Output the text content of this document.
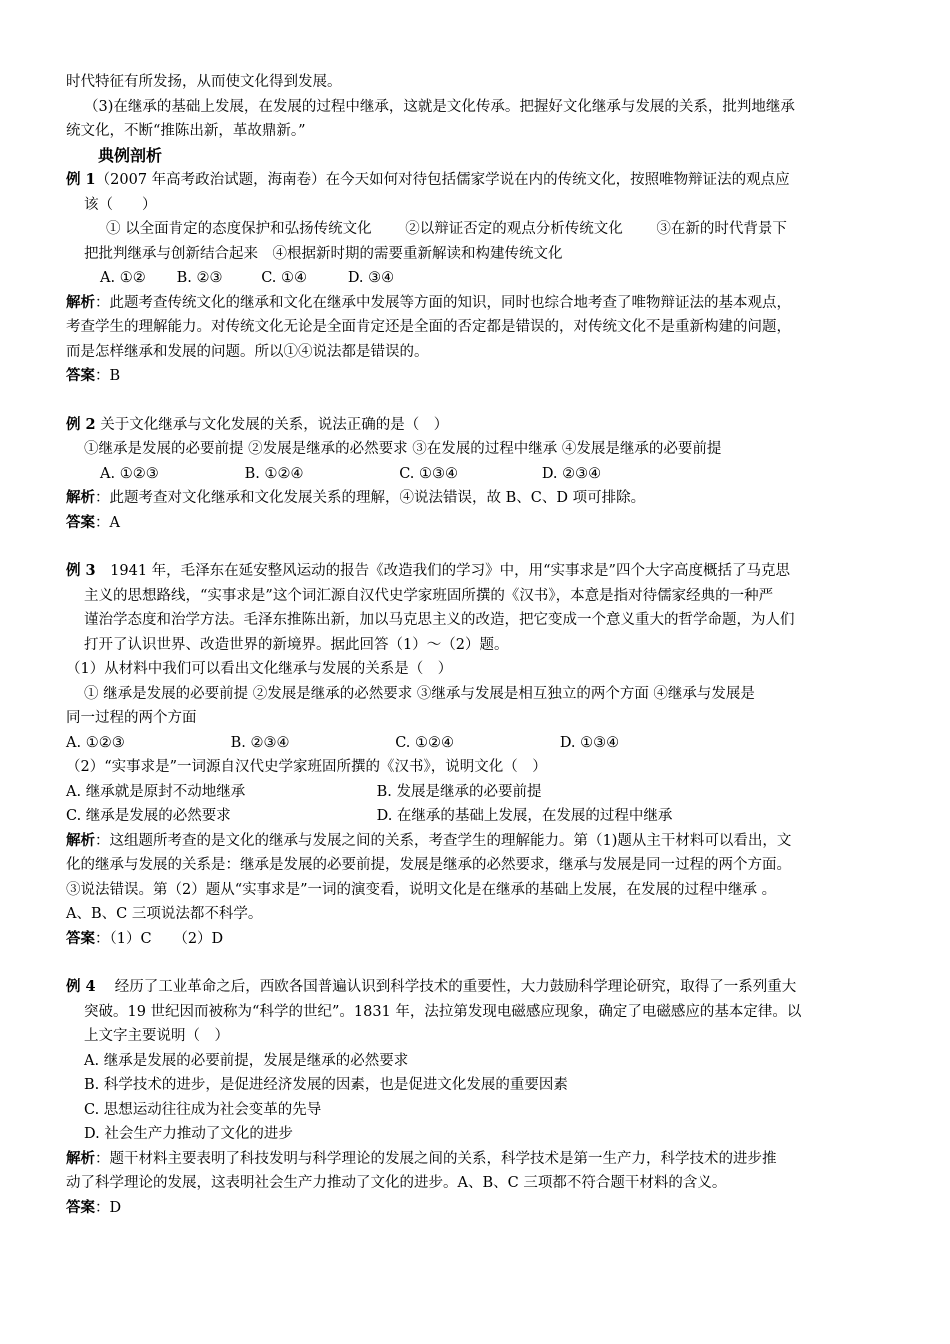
时代特征有所发扬，从而使文化得到发展。
（3)在继承的基础上发展，在发展的过程中继承，这就是文化传承。把握好文化继承与发展的关系，批判地继承
统文化，不断“推陈出新，革故鼎新。”
典例剖析
例 1（2007 年高考政治试题，海南卷）在今天如何对待包括儒家学说在内的传统文化，按照唯物辩证法的观点应
该（　　）
① 以全面肯定的态度保护和弘扬传统文化　　 ②以辩证否定的观点分析传统文化　　 ③在新的时代背景下
把批判继承与创新结合起来　④根据新时期的需要重新解读和构建传统文化
A. ①② B. ②③	C. ①④	D. ③④
解析：此题考查传统文化的继承和文化在继承中发展等方面的知识，同时也综合地考查了唯物辩证法的基本观点，
考查学生的理解能力。对传统文化无论是全面肯定还是全面的否定都是错误的，对传统文化不是重新构建的问题，
而是怎样继承和发展的问题。所以①④说法都是错误的。
答案：B
例 2 关于文化继承与文化发展的关系，说法正确的是（　）
①继承是发展的必要前提 ②发展是继承的必然要求 ③在发展的过程中继承 ④发展是继承的必要前提
A. ①②③	B. ①②④	C. ①③④	D. ②③④
解析：此题考查对文化继承和文化发展关系的理解，④说法错误，故 B、C、D 项可排除。
答案：A
例 3　1941 年，毛泽东在延安整风运动的报告《改造我们的学习》中，用“实事求是”四个大字高度概括了马克思
主义的思想路线，“实事求是”这个词汇源自汉代史学家班固所撰的《汉书》，本意是指对待儒家经典的一种严
谨治学态度和治学方法。毛泽东推陈出新，加以马克思主义的改造，把它变成一个意义重大的哲学命题，为人们
打开了认识世界、改造世界的新境界。据此回答（1）～（2）题。
（1）从材料中我们可以看出文化继承与发展的关系是（　）
① 继承是发展的必要前提 ②发展是继承的必然要求 ③继承与发展是相互独立的两个方面 ④继承与发展是
同一过程的两个方面
A. ①②③	B. ②③④	C. ①②④	D. ①③④
（2）“实事求是”一词源自汉代史学家班固所撰的《汉书》，说明文化（　）
A. 继承就是原封不动地继承	B. 发展是继承的必要前提
C. 继承是发展的必然要求	D. 在继承的基础上发展，在发展的过程中继承
解析：这组题所考查的是文化的继承与发展之间的关系，考查学生的理解能力。第（1)题从主干材料可以看出，文
化的继承与发展的关系是：继承是发展的必要前提，发展是继承的必然要求，继承与发展是同一过程的两个方面。
③说法错误。第（2）题从“实事求是”一词的演变看，说明文化是在继承的基础上发展，在发展的过程中继承 。
A、B、C 三项说法都不科学。
答案：（1）C　　（2）D
例 4　 经历了工业革命之后，西欧各国普遍认识到科学技术的重要性，大力鼓励科学理论研究，取得了一系列重大
突破。19 世纪因而被称为“科学的世纪”。1831 年，法拉第发现电磁感应现象，确定了电磁感应的基本定律。以
上文字主要说明（　）
A. 继承是发展的必要前提，发展是继承的必然要求
B. 科学技术的进步，是促进经济发展的因素，也是促进文化发展的重要因素
C. 思想运动往往成为社会变革的先导
D. 社会生产力推动了文化的进步
解析：题干材料主要表明了科技发明与科学理论的发展之间的关系，科学技术是第一生产力，科学技术的进步推
动了科学理论的发展，这表明社会生产力推动了文化的进步。A、B、C 三项都不符合题干材料的含义。
答案：D
